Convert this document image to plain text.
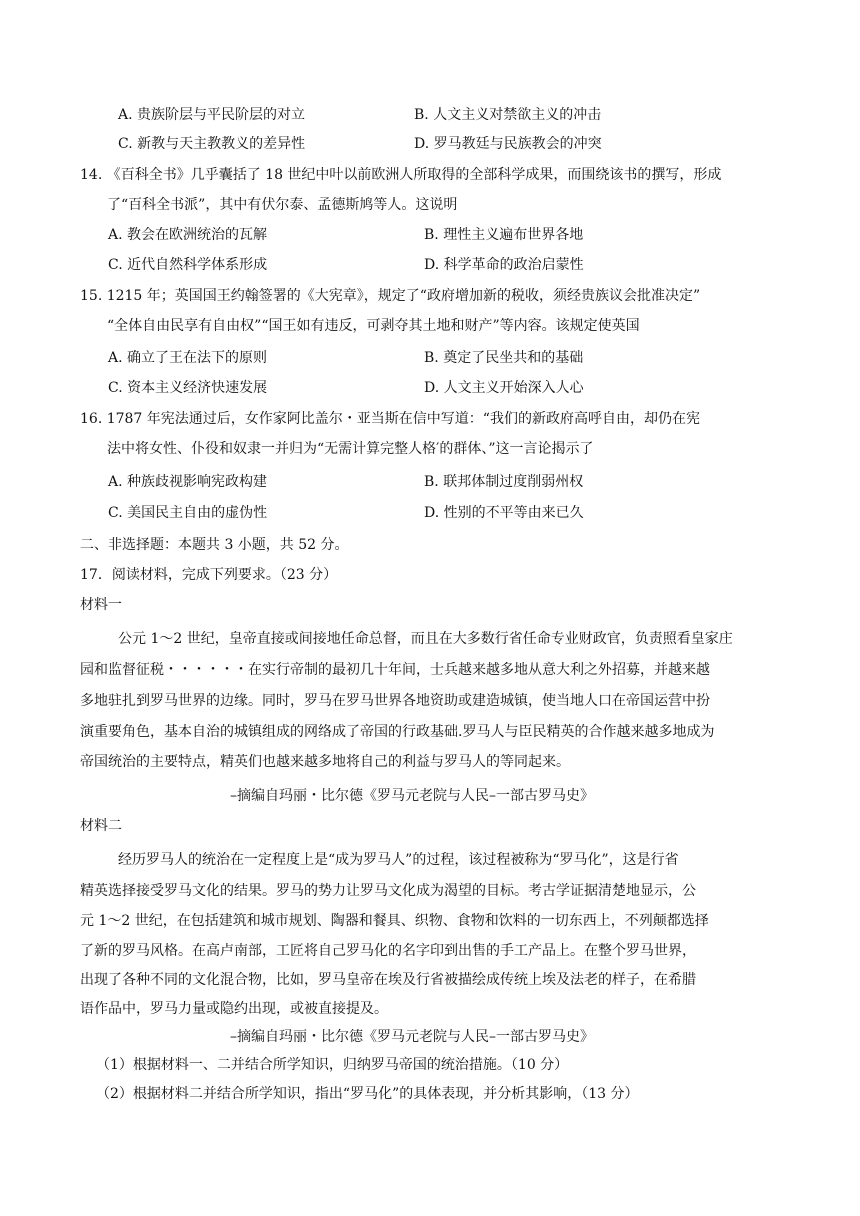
A. 贵族阶层与平民阶层的对立	B. 人文主义对禁欲主义的冲击
C. 新教与天主教教义的差异性	D. 罗马教廷与民族教会的冲突
14. 《百科全书》几乎囊括了 18 世纪中叶以前欧洲人所取得的全部科学成果，而围绕该书的撰写，形成
了“百科全书派”，其中有伏尔泰、孟德斯鸠等人。这说明
A. 教会在欧洲统治的瓦解	B. 理性主义遍布世界各地
C. 近代自然科学体系形成	D. 科学革命的政治启蒙性
15. 1215 年；英国国王约翰签署的《大宪章》，规定了“政府增加新的税收，须经贵族议会批准决定”
“全体自由民享有自由权”“国王如有违反，可剥夺其土地和财产”等内容。该规定使英国
A. 确立了王在法下的原则	B. 奠定了民坐共和的基础
C. 资本主义经济快速发展	D. 人文主义开始深入人心
16. 1787 年宪法通过后，女作家阿比盖尔・亚当斯在信中写道：“我们的新政府高呼自由，却仍在宪
法中将女性、仆役和奴隶一并归为“无需计算完整人格′的群体、”这一言论揭示了
A. 种族歧视影响宪政构建	B. 联邦体制过度削弱州权
C. 美国民主自由的虚伪性	D. 性别的不平等由来已久
二、非选择题：本题共 3 小题，共 52 分。
17．阅读材料，完成下列要求。（23 分）
材料一
公元 1～2 世纪，皇帝直接或间接地任命总督，而且在大多数行省任命专业财政官，负责照看皇家庄
园和监督征税・・・・・・在实行帝制的最初几十年间，士兵越来越多地从意大利之外招募，并越来越
多地驻扎到罗马世界的边缘。同时，罗马在罗马世界各地资助或建造城镇，使当地人口在帝国运营中扮
演重要角色，基本自治的城镇组成的网络成了帝国的行政基础.罗马人与臣民精英的合作越来越多地成为
帝国统治的主要特点，精英们也越来越多地将自己的利益与罗马人的等同起来。
–摘编自玛丽・比尔德《罗马元老院与人民–一部古罗马史》
材料二
经历罗马人的统治在一定程度上是“成为罗马人”的过程，该过程被称为“罗马化”，这是行省
精英选择接受罗马文化的结果。罗马的势力让罗马文化成为渴望的目标。考古学证据清楚地显示，公
元 1～2 世纪，在包括建筑和城市规划、陶器和餐具、织物、食物和饮料的一切东西上，不列颠都选择
了新的罗马风格。在高卢南部，工匠将自己罗马化的名字印到出售的手工产品上。在整个罗马世界，
出现了各种不同的文化混合物，比如，罗马皇帝在埃及行省被描绘成传统上埃及法老的样子，在希腊
语作品中，罗马力量或隐约出现，或被直接提及。
–摘编自玛丽・比尔德《罗马元老院与人民–一部古罗马史》
（1）根据材料一、二并结合所学知识，归纳罗马帝国的统治措施。（10 分）
（2）根据材料二并结合所学知识，指出“罗马化”的具体表现，并分析其影响，（13 分）
